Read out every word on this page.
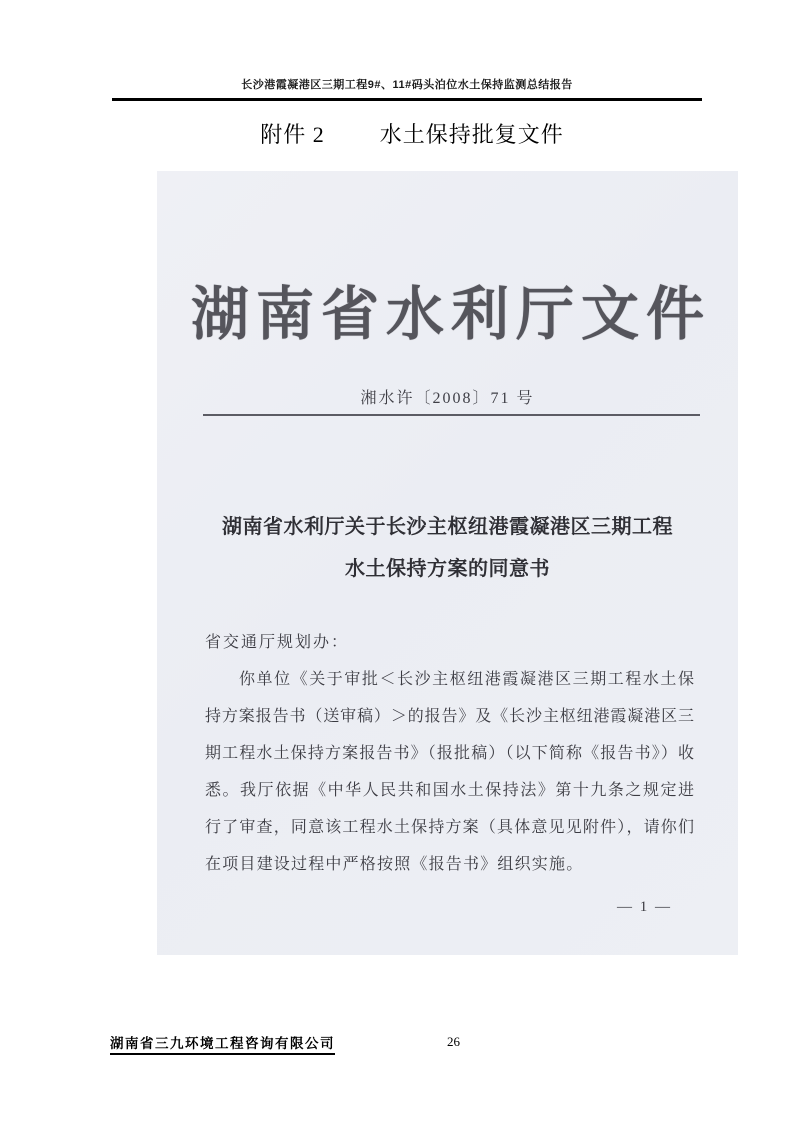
长沙港霞凝港区三期工程9#、11#码头泊位水土保持监测总结报告
附件 2	水土保持批复文件
湖南省水利厅文件
湘水许〔2008〕71 号
湖南省水利厅关于长沙主枢纽港霞凝港区三期工程
水土保持方案的同意书
省交通厅规划办：
你单位《关于审批＜长沙主枢纽港霞凝港区三期工程水土保
持方案报告书（送审稿）＞的报告》及《长沙主枢纽港霞凝港区三
期工程水土保持方案报告书》（报批稿）（以下简称《报告书》）收
悉。我厅依据《中华人民共和国水土保持法》第十九条之规定进
行了审查，同意该工程水土保持方案（具体意见见附件），请你们
在项目建设过程中严格按照《报告书》组织实施。
— 1 —
湖南省三九环境工程咨询有限公司	26
